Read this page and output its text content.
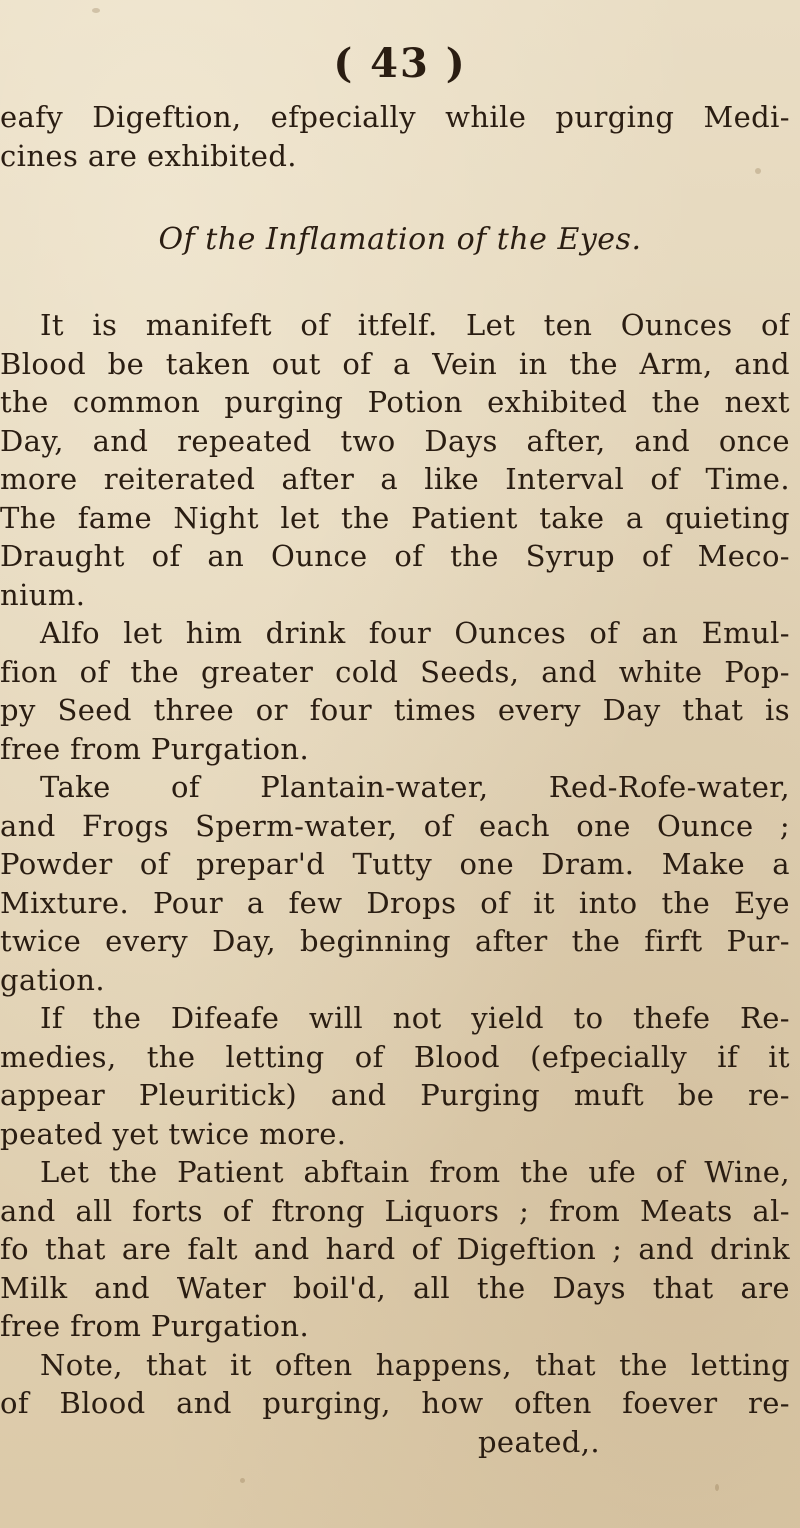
( 43 )
eafy Digeftion, efpecially while purging Medi-
cines are exhibited.
Of the Inflamation of the Eyes.
It is manifeft of itfelf. Let ten Ounces of
Blood be taken out of a Vein in the Arm, and
the common purging Potion exhibited the next
Day, and repeated two Days after, and once
more reiterated after a like Interval of Time.
The fame Night let the Patient take a quieting
Draught of an Ounce of the Syrup of Meco-
nium.
Alfo let him drink four Ounces of an Emul-
fion of the greater cold Seeds, and white Pop-
py Seed three or four times every Day that is
free from Purgation.
Take of Plantain-water, Red-Rofe-water,
and Frogs Sperm-water, of each one Ounce ;
Powder of prepar'd Tutty one Dram. Make a
Mixture. Pour a few Drops of it into the Eye
twice every Day, beginning after the firft Pur-
gation.
If the Difeafe will not yield to thefe Re-
medies, the letting of Blood (efpecially if it
appear Pleuritick) and Purging muft be re-
peated yet twice more.
Let the Patient abftain from the ufe of Wine,
and all forts of ftrong Liquors ; from Meats al-
fo that are falt and hard of Digeftion ; and drink
Milk and Water boil'd, all the Days that are
free from Purgation.
Note, that it often happens, that the letting
of Blood and purging, how often foever re-
peated,.
